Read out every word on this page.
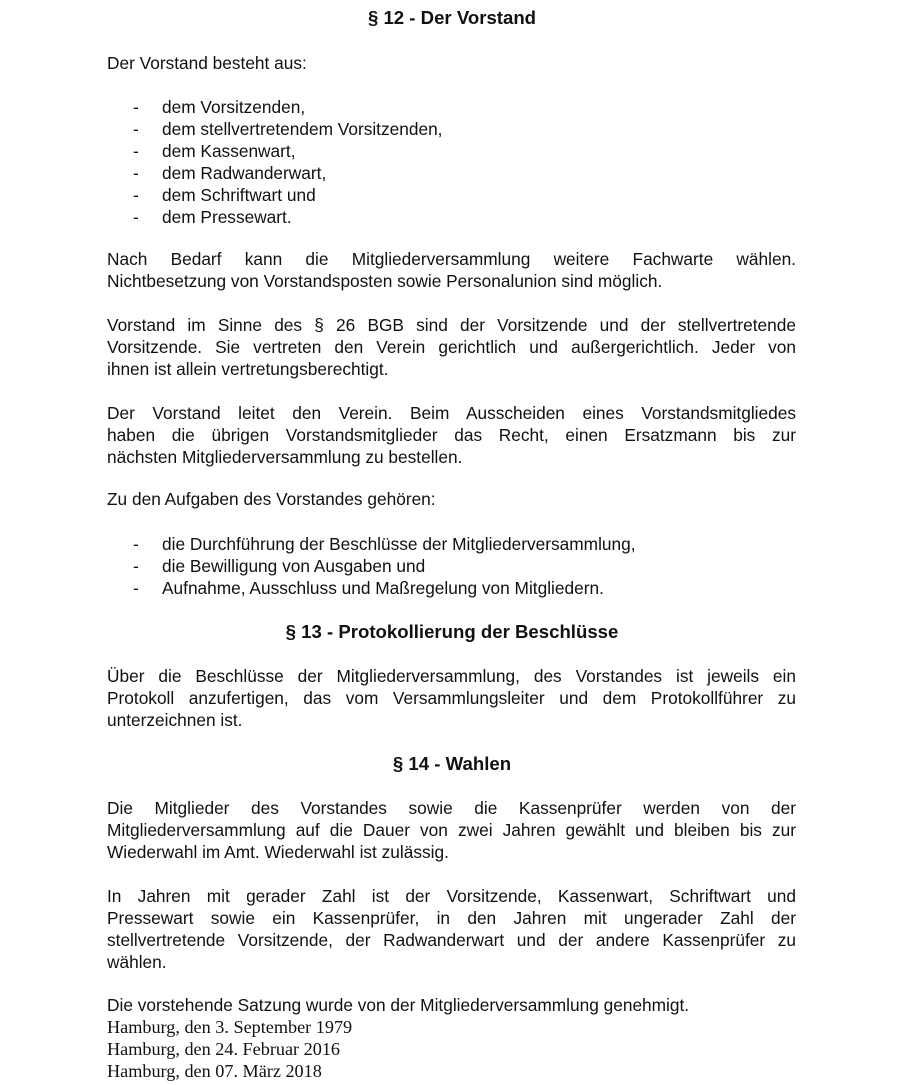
§ 12 - Der Vorstand
Der Vorstand besteht aus:
-	dem Vorsitzenden,
-	dem stellvertretendem Vorsitzenden,
-	dem Kassenwart,
-	dem Radwanderwart,
-	dem Schriftwart und
-	dem Pressewart.
Nach Bedarf kann die Mitgliederversammlung weitere Fachwarte wählen.
Nichtbesetzung von Vorstandsposten sowie Personalunion sind möglich.
Vorstand im Sinne des § 26 BGB sind der Vorsitzende und der stellvertretende
Vorsitzende. Sie vertreten den Verein gerichtlich und außergerichtlich. Jeder von
ihnen ist allein vertretungsberechtigt.
Der Vorstand leitet den Verein. Beim Ausscheiden eines Vorstandsmitgliedes
haben die übrigen Vorstandsmitglieder das Recht, einen Ersatzmann bis zur
nächsten Mitgliederversammlung zu bestellen.
Zu den Aufgaben des Vorstandes gehören:
-	die Durchführung der Beschlüsse der Mitgliederversammlung,
-	die Bewilligung von Ausgaben und
-	Aufnahme, Ausschluss und Maßregelung von Mitgliedern.
§ 13 - Protokollierung der Beschlüsse
Über die Beschlüsse der Mitgliederversammlung, des Vorstandes ist jeweils ein
Protokoll anzufertigen, das vom Versammlungsleiter und dem Protokollführer zu
unterzeichnen ist.
§ 14 - Wahlen
Die Mitglieder des Vorstandes sowie die Kassenprüfer werden von der
Mitgliederversammlung auf die Dauer von zwei Jahren gewählt und bleiben bis zur
Wiederwahl im Amt. Wiederwahl ist zulässig.
In Jahren mit gerader Zahl ist der Vorsitzende, Kassenwart, Schriftwart und
Pressewart sowie ein Kassenprüfer, in den Jahren mit ungerader Zahl der
stellvertretende Vorsitzende, der Radwanderwart und der andere Kassenprüfer zu
wählen.
Die vorstehende Satzung wurde von der Mitgliederversammlung genehmigt.
Hamburg, den 3. September 1979
Hamburg, den 24. Februar 2016
Hamburg, den 07. März 2018
